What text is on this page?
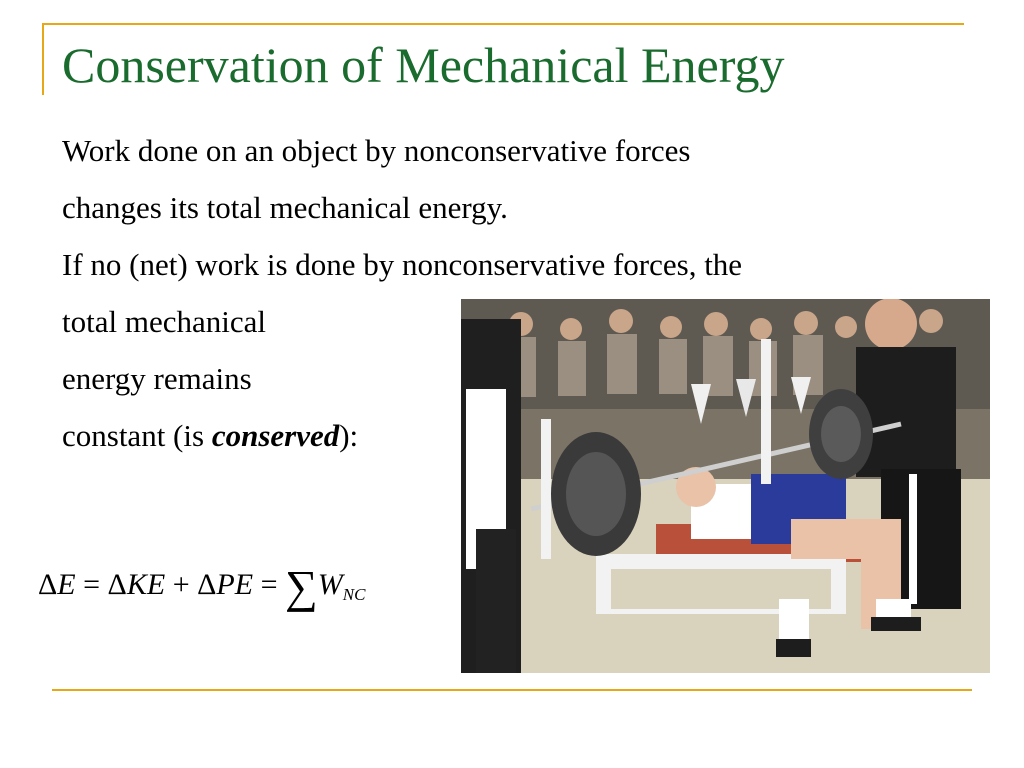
Conservation of Mechanical Energy
Work done on an object by nonconservative forces
changes its total mechanical energy.
If no (net) work is done by nonconservative forces, the
total mechanical
energy remains
constant (is conserved):
$\Delta E = \Delta KE + \Delta PE = \sum W_{NC}$
